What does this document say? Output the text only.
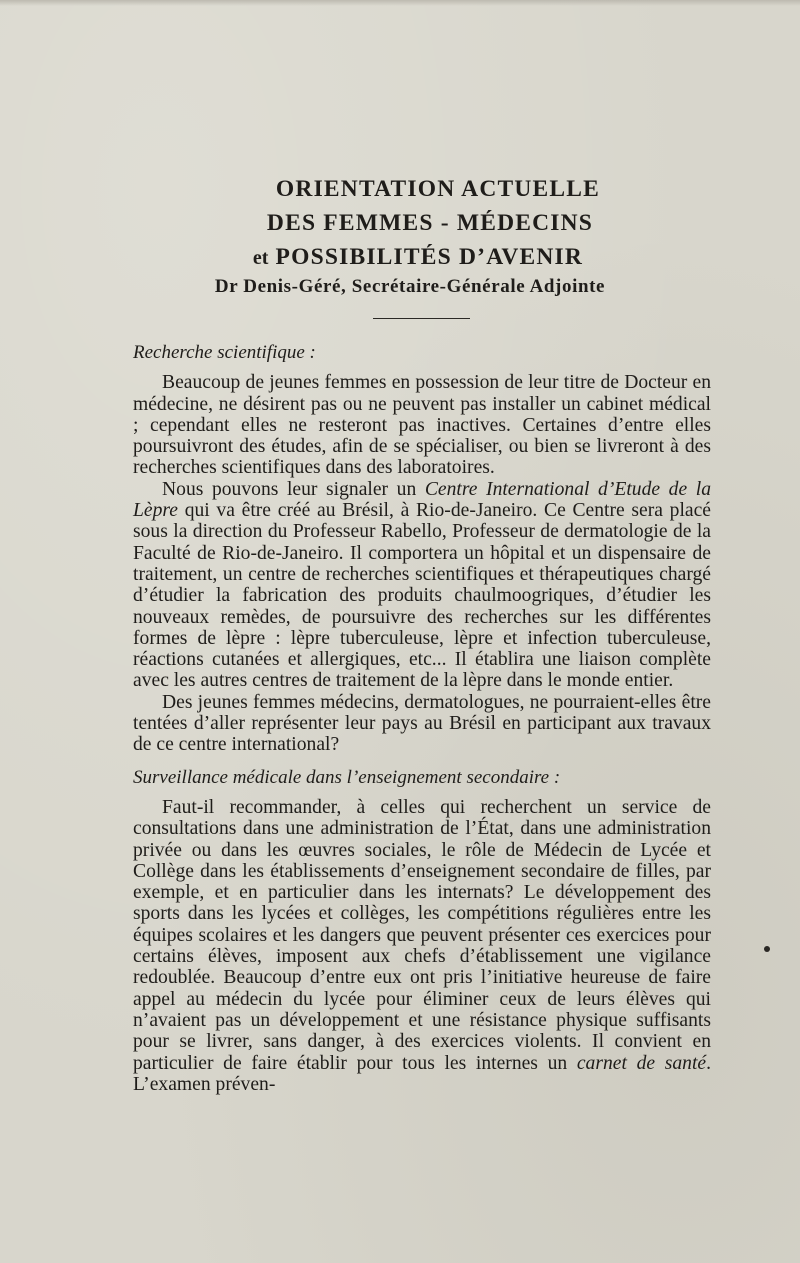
ORIENTATION ACTUELLE

DES FEMMES - MÉDECINS

et POSSIBILITÉS D’AVENIR

Dr Denis-Géré, Secrétaire-Générale Adjointe

Recherche scientifique :

Beaucoup de jeunes femmes en possession de leur titre de Docteur en médecine, ne désirent pas ou ne peuvent pas installer un cabinet médical ; cependant elles ne resteront pas inactives. Certaines d’entre elles poursuivront des études, afin de se spécialiser, ou bien se livreront à des recherches scientifiques dans des laboratoires.

Nous pouvons leur signaler un Centre International d’Etude de la Lèpre qui va être créé au Brésil, à Rio-de-Janeiro. Ce Centre sera placé sous la direction du Professeur Rabello, Professeur de dermatologie de la Faculté de Rio-de-Janeiro. Il comportera un hôpital et un dispensaire de traitement, un centre de recherches scientifiques et thérapeutiques chargé d’étudier la fabrication des produits chaulmoogriques, d’étudier les nouveaux remèdes, de poursuivre des recherches sur les différentes formes de lèpre : lèpre tuberculeuse, lèpre et infection tuberculeuse, réactions cutanées et allergiques, etc... Il établira une liaison complète avec les autres centres de traitement de la lèpre dans le monde entier.

Des jeunes femmes médecins, dermatologues, ne pourraient-elles être tentées d’aller représenter leur pays au Brésil en participant aux travaux de ce centre international?

Surveillance médicale dans l’enseignement secondaire :

Faut-il recommander, à celles qui recherchent un service de consultations dans une administration de l’État, dans une administration privée ou dans les œuvres sociales, le rôle de Médecin de Lycée et Collège dans les établissements d’enseignement secondaire de filles, par exemple, et en particulier dans les internats? Le développement des sports dans les lycées et collèges, les compétitions régulières entre les équipes scolaires et les dangers que peuvent présenter ces exercices pour certains élèves, imposent aux chefs d’établissement une vigilance redoublée. Beaucoup d’entre eux ont pris l’initiative heureuse de faire appel au médecin du lycée pour éliminer ceux de leurs élèves qui n’avaient pas un développement et une résistance physique suffisants pour se livrer, sans danger, à des exercices violents. Il convient en particulier de faire établir pour tous les internes un carnet de santé. L’examen préven-
